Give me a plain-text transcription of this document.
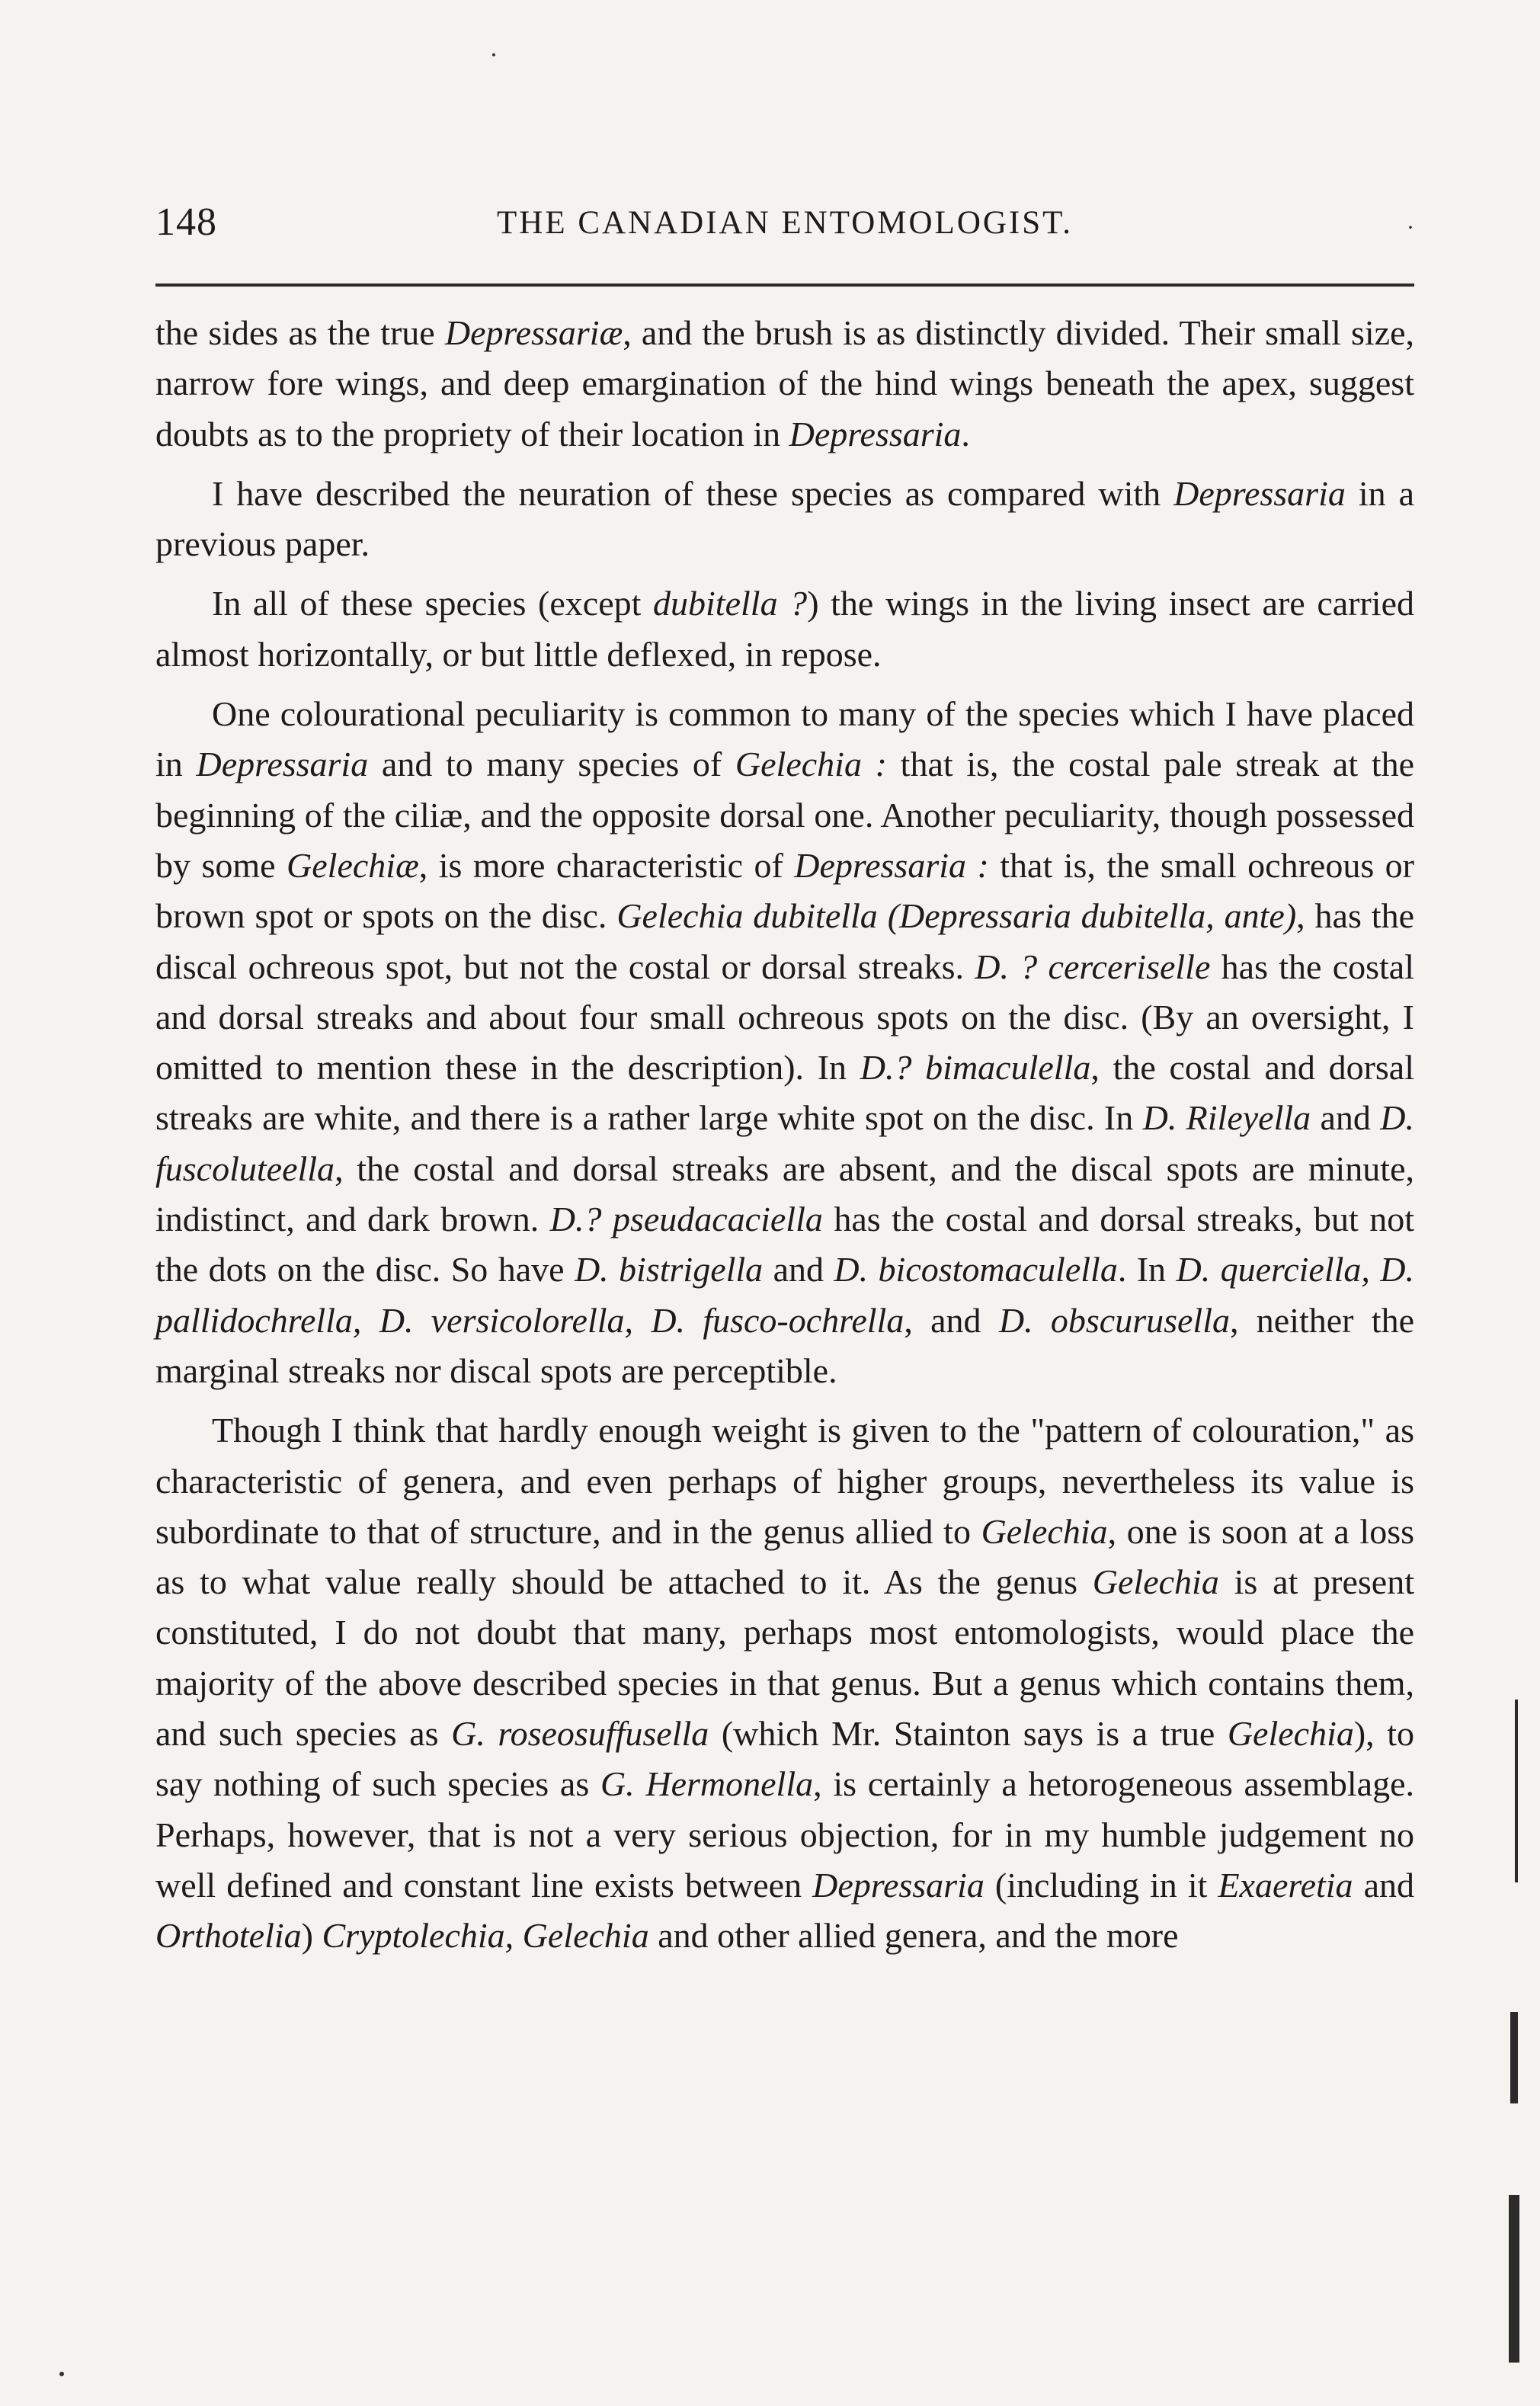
148	THE CANADIAN ENTOMOLOGIST.	·

the sides as the true Depressariæ, and the brush is as distinctly divided. Their small size, narrow fore wings, and deep emargination of the hind wings beneath the apex, suggest doubts as to the propriety of their location in Depressaria.

I have described the neuration of these species as compared with Depressaria in a previous paper.

In all of these species (except dubitella ?) the wings in the living insect are carried almost horizontally, or but little deflexed, in repose.

One colourational peculiarity is common to many of the species which I have placed in Depressaria and to many species of Gelechia : that is, the costal pale streak at the beginning of the ciliæ, and the opposite dorsal one. Another peculiarity, though possessed by some Gelechiæ, is more characteristic of Depressaria : that is, the small ochreous or brown spot or spots on the disc. Gelechia dubitella (Depressaria dubitella, ante), has the discal ochreous spot, but not the costal or dorsal streaks. D. ? cerceriselle has the costal and dorsal streaks and about four small ochreous spots on the disc. (By an oversight, I omitted to mention these in the description). In D.? bimaculella, the costal and dorsal streaks are white, and there is a rather large white spot on the disc. In D. Rileyella and D. fuscoluteella, the costal and dorsal streaks are absent, and the discal spots are minute, indistinct, and dark brown. D.? pseudacaciella has the costal and dorsal streaks, but not the dots on the disc. So have D. bistrigella and D. bicostomaculella. In D. querciella, D. pallidochrella, D. versicolorella, D. fusco-ochrella, and D. obscurusella, neither the marginal streaks nor discal spots are perceptible.

Though I think that hardly enough weight is given to the "pattern of colouration," as characteristic of genera, and even perhaps of higher groups, nevertheless its value is subordinate to that of structure, and in the genus allied to Gelechia, one is soon at a loss as to what value really should be attached to it. As the genus Gelechia is at present constituted, I do not doubt that many, perhaps most entomologists, would place the majority of the above described species in that genus. But a genus which contains them, and such species as G. roseosuffusella (which Mr. Stainton says is a true Gelechia), to say nothing of such species as G. Hermonella, is certainly a hetorogeneous assemblage. Perhaps, however, that is not a very serious objection, for in my humble judgement no well defined and constant line exists between Depressaria (including in it Exaeretia and Orthotelia) Cryptolechia, Gelechia and other allied genera, and the more
